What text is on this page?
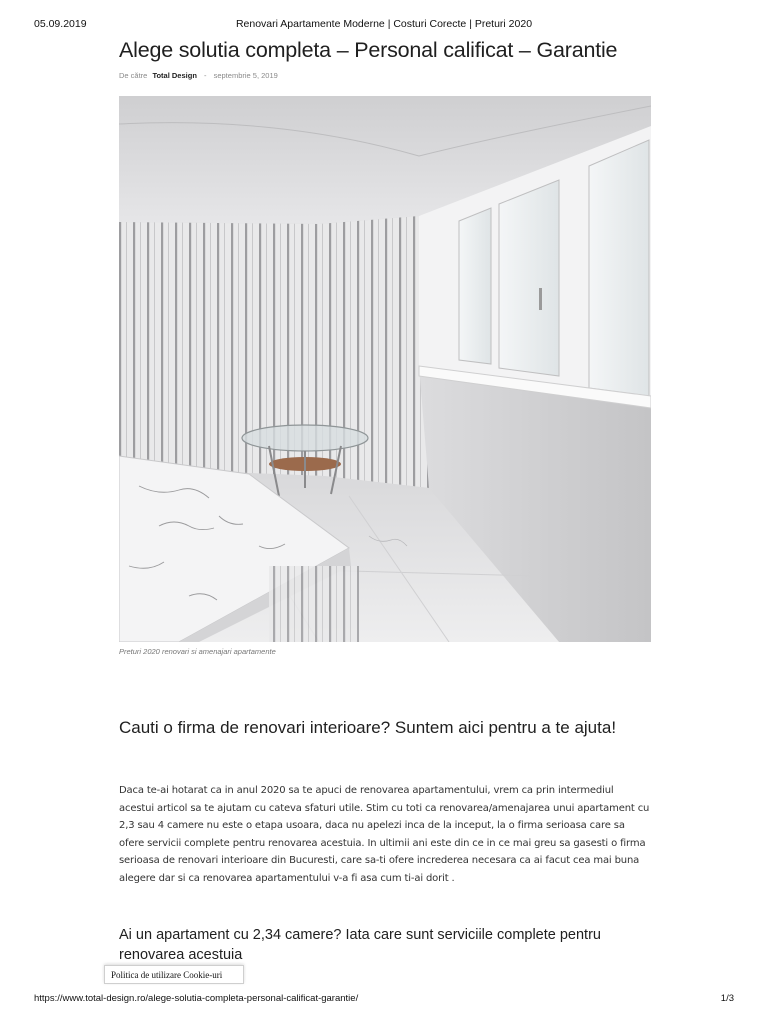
05.09.2019	Renovari Apartamente Moderne | Costuri Corecte | Preturi 2020
Alege solutia completa – Personal calificat – Garantie
De către Total Design - septembrie 5, 2019
Preturi 2020 renovari si amenajari apartamente
Cauti o firma de renovari interioare? Suntem aici pentru a te ajuta!

Daca te-ai hotarat ca in anul 2020 sa te apuci de renovarea apartamentului, vrem ca prin intermediul acestui articol sa te ajutam cu cateva sfaturi utile. Stim cu toti ca renovarea/amenajarea unui apartament cu 2,3 sau 4 camere nu este o etapa usoara, daca nu apelezi inca de la inceput, la o firma serioasa care sa ofere servicii complete pentru renovarea acestuia. In ultimii ani este din ce in ce mai greu sa gasesti o firma serioasa de renovari interioare din Bucuresti, care sa-ti ofere increderea necesara ca ai facut cea mai buna alegere dar si ca renovarea apartamentului v-a fi asa cum ti-ai dorit .

Ai un apartament cu 2,34 camere? Iata care sunt serviciile complete pentru renovarea acestuia
Politica de utilizare Cookie-uri
https://www.total-design.ro/alege-solutia-completa-personal-calificat-garantie/	1/3
